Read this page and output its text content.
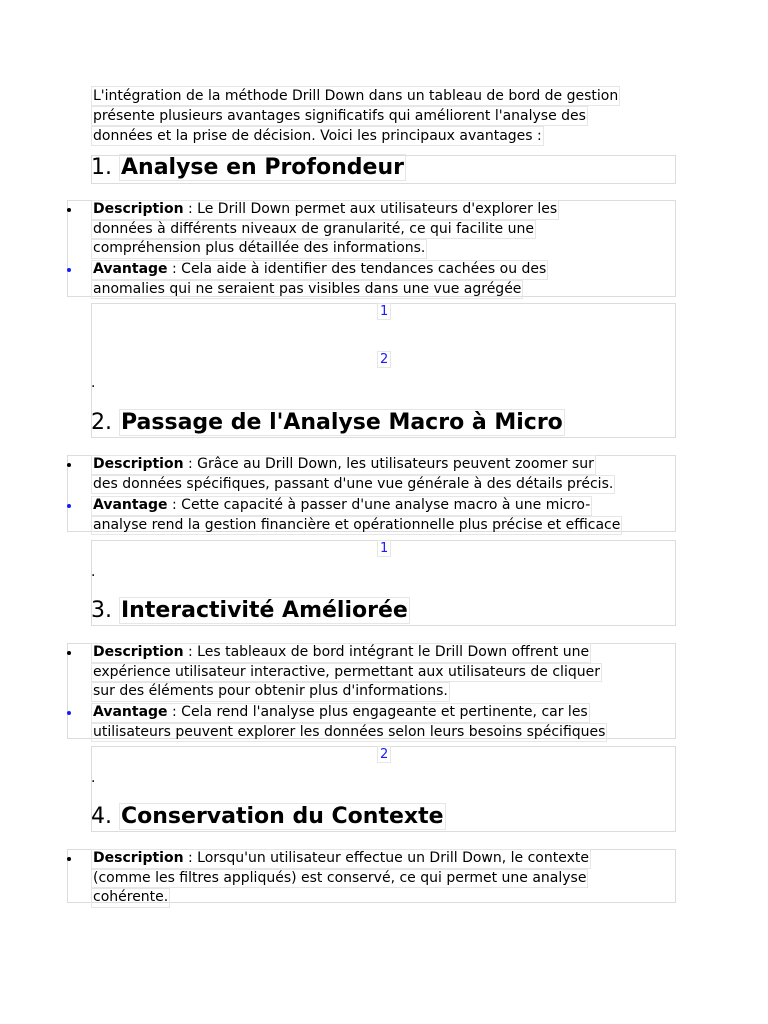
L'intégration de la méthode Drill Down dans un tableau de bord de gestion
présente plusieurs avantages significatifs qui améliorent l'analyse des
données et la prise de décision. Voici les principaux avantages :
1. Analyse en Profondeur
Description : Le Drill Down permet aux utilisateurs d'explorer les
données à différents niveaux de granularité, ce qui facilite une
compréhension plus détaillée des informations.
Avantage : Cela aide à identifier des tendances cachées ou des
anomalies qui ne seraient pas visibles dans une vue agrégée
1
2
.
2. Passage de l'Analyse Macro à Micro
Description : Grâce au Drill Down, les utilisateurs peuvent zoomer sur
des données spécifiques, passant d'une vue générale à des détails précis.
Avantage : Cette capacité à passer d'une analyse macro à une micro-
analyse rend la gestion financière et opérationnelle plus précise et efficace
1
.
3. Interactivité Améliorée
Description : Les tableaux de bord intégrant le Drill Down offrent une
expérience utilisateur interactive, permettant aux utilisateurs de cliquer
sur des éléments pour obtenir plus d'informations.
Avantage : Cela rend l'analyse plus engageante et pertinente, car les
utilisateurs peuvent explorer les données selon leurs besoins spécifiques
2
.
4. Conservation du Contexte
Description : Lorsqu'un utilisateur effectue un Drill Down, le contexte
(comme les filtres appliqués) est conservé, ce qui permet une analyse
cohérente.
